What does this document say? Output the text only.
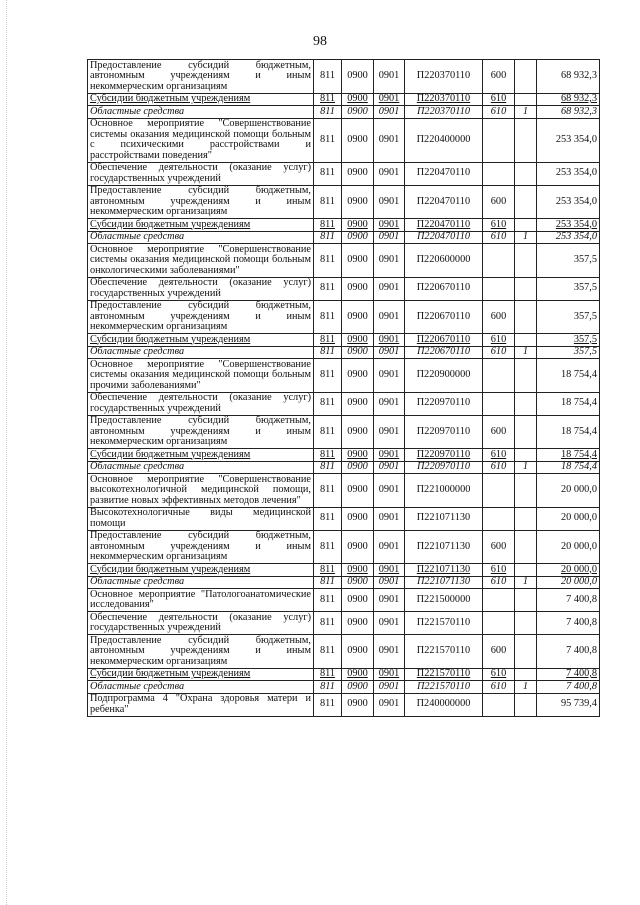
98
Предоставление субсидий бюджетным, автономным учреждениям и иным некоммерческим организациям	811	0900	0901	П220370110	600		68 932,3
Субсидии бюджетным учреждениям	811	0900	0901	П220370110	610		68 932,3
Областные средства	811	0900	0901	П220370110	610	1	68 932,3
Основное мероприятие "Совершенствование системы оказания медицинской помощи больным с психическими расстройствами и расстройствами поведения"	811	0900	0901	П220400000			253 354,0
Обеспечение деятельности (оказание услуг) государственных учреждений	811	0900	0901	П220470110			253 354,0
Предоставление субсидий бюджетным, автономным учреждениям и иным некоммерческим организациям	811	0900	0901	П220470110	600		253 354,0
Субсидии бюджетным учреждениям	811	0900	0901	П220470110	610		253 354,0
Областные средства	811	0900	0901	П220470110	610	1	253 354,0
Основное мероприятие "Совершенствование системы оказания медицинской помощи больным онкологическими заболеваниями"	811	0900	0901	П220600000			357,5
Обеспечение деятельности (оказание услуг) государственных учреждений	811	0900	0901	П220670110			357,5
Предоставление субсидий бюджетным, автономным учреждениям и иным некоммерческим организациям	811	0900	0901	П220670110	600		357,5
Субсидии бюджетным учреждениям	811	0900	0901	П220670110	610		357,5
Областные средства	811	0900	0901	П220670110	610	1	357,5
Основное мероприятие "Совершенствование системы оказания медицинской помощи больным прочими заболеваниями"	811	0900	0901	П220900000			18 754,4
Обеспечение деятельности (оказание услуг) государственных учреждений	811	0900	0901	П220970110			18 754,4
Предоставление субсидий бюджетным, автономным учреждениям и иным некоммерческим организациям	811	0900	0901	П220970110	600		18 754,4
Субсидии бюджетным учреждениям	811	0900	0901	П220970110	610		18 754,4
Областные средства	811	0900	0901	П220970110	610	1	18 754,4
Основное мероприятие "Совершенствование высокотехнологичной медицинской помощи, развитие новых эффективных методов лечения"	811	0900	0901	П221000000			20 000,0
Высокотехнологичные виды медицинской помощи	811	0900	0901	П221071130			20 000,0
Предоставление субсидий бюджетным, автономным учреждениям и иным некоммерческим организациям	811	0900	0901	П221071130	600		20 000,0
Субсидии бюджетным учреждениям	811	0900	0901	П221071130	610		20 000,0
Областные средства	811	0900	0901	П221071130	610	1	20 000,0
Основное мероприятие "Патологоанатомические исследования"	811	0900	0901	П221500000			7 400,8
Обеспечение деятельности (оказание услуг) государственных учреждений	811	0900	0901	П221570110			7 400,8
Предоставление субсидий бюджетным, автономным учреждениям и иным некоммерческим организациям	811	0900	0901	П221570110	600		7 400,8
Субсидии бюджетным учреждениям	811	0900	0901	П221570110	610		7 400,8
Областные средства	811	0900	0901	П221570110	610	1	7 400,8
Подпрограмма 4 "Охрана здоровья матери и ребенка"	811	0900	0901	П240000000			95 739,4
